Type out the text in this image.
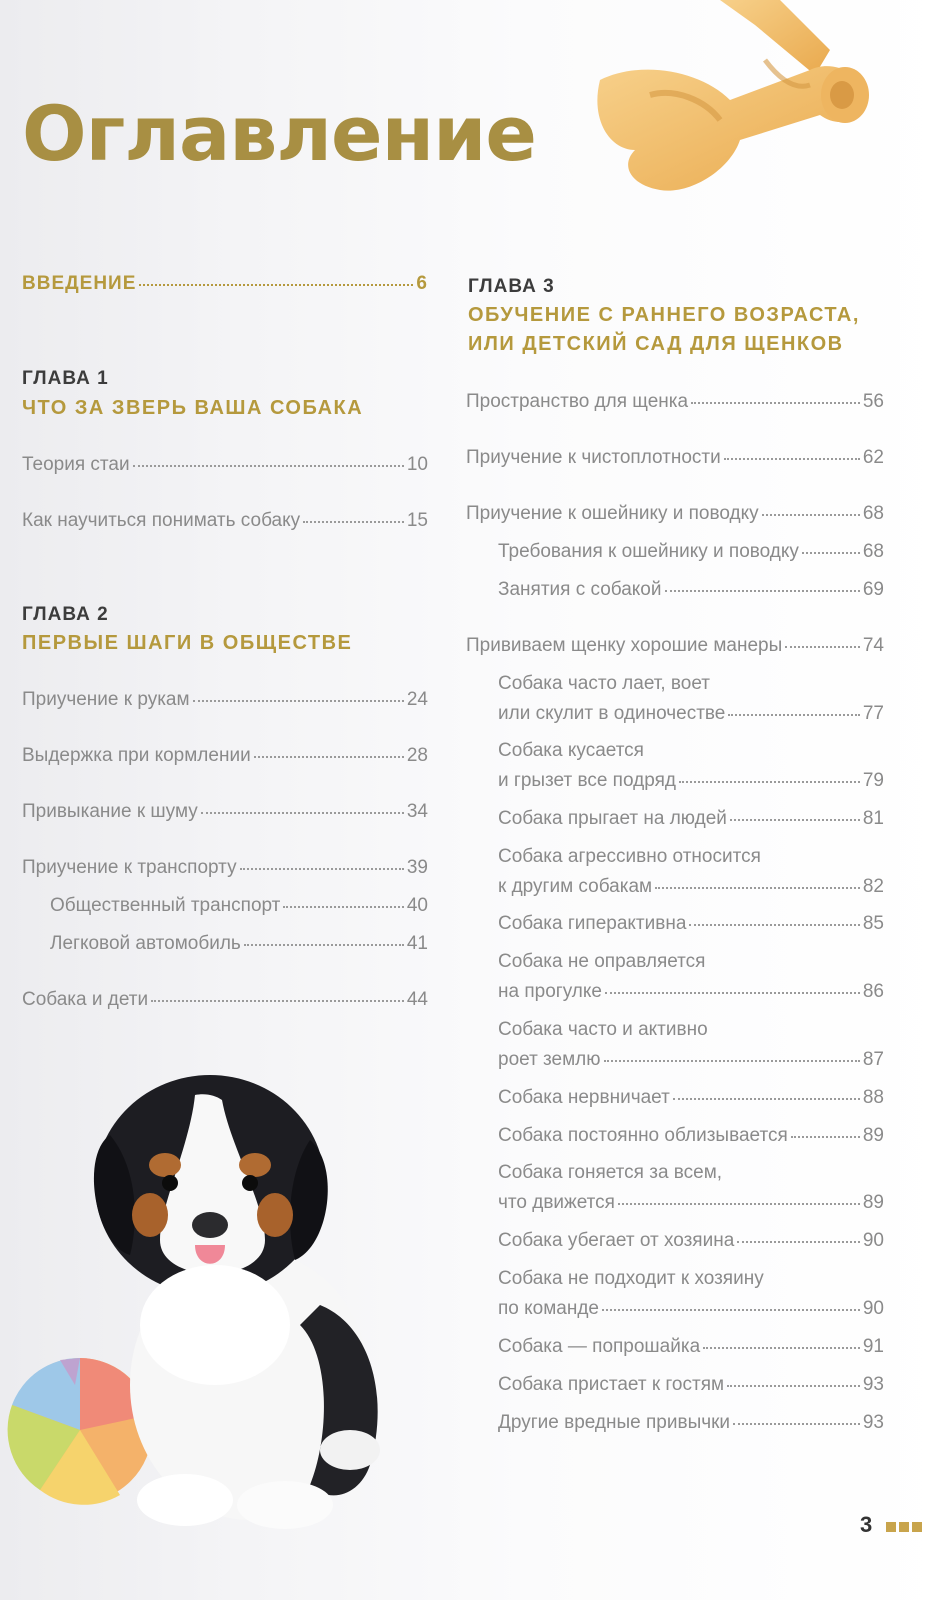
Оглавление
ВВЕДЕНИЕ	6
ГЛАВА 1
ЧТО ЗА ЗВЕРЬ ВАША СОБАКА
Теория стаи	10
Как научиться понимать собаку	15
ГЛАВА 2
ПЕРВЫЕ ШАГИ В ОБЩЕСТВЕ
Приучение к рукам	24
Выдержка при кормлении	28
Привыкание к шуму	34
Приучение к транспорту	39
Общественный транспорт	40
Легковой автомобиль	41
Собака и дети	44
ГЛАВА 3
ОБУЧЕНИЕ С РАННЕГО ВОЗРАСТА,
ИЛИ ДЕТСКИЙ САД ДЛЯ ЩЕНКОВ
Пространство для щенка	56
Приучение к чистоплотности	62
Приучение к ошейнику и поводку	68
Требования к ошейнику и поводку	68
Занятия с собакой	69
Прививаем щенку хорошие манеры	74
Собака часто лает, воет
или скулит в одиночестве	77
Собака кусается
и грызет все подряд	79
Собака прыгает на людей	81
Собака агрессивно относится
к другим собакам	82
Собака гиперактивна	85
Собака не оправляется
на прогулке	86
Собака часто и активно
роет землю	87
Собака нервничает	88
Собака постоянно облизывается	89
Собака гоняется за всем,
что движется	89
Собака убегает от хозяина	90
Собака не подходит к хозяину
по команде	90
Собака — попрошайка	91
Собака пристает к гостям	93
Другие вредные привычки	93
3
